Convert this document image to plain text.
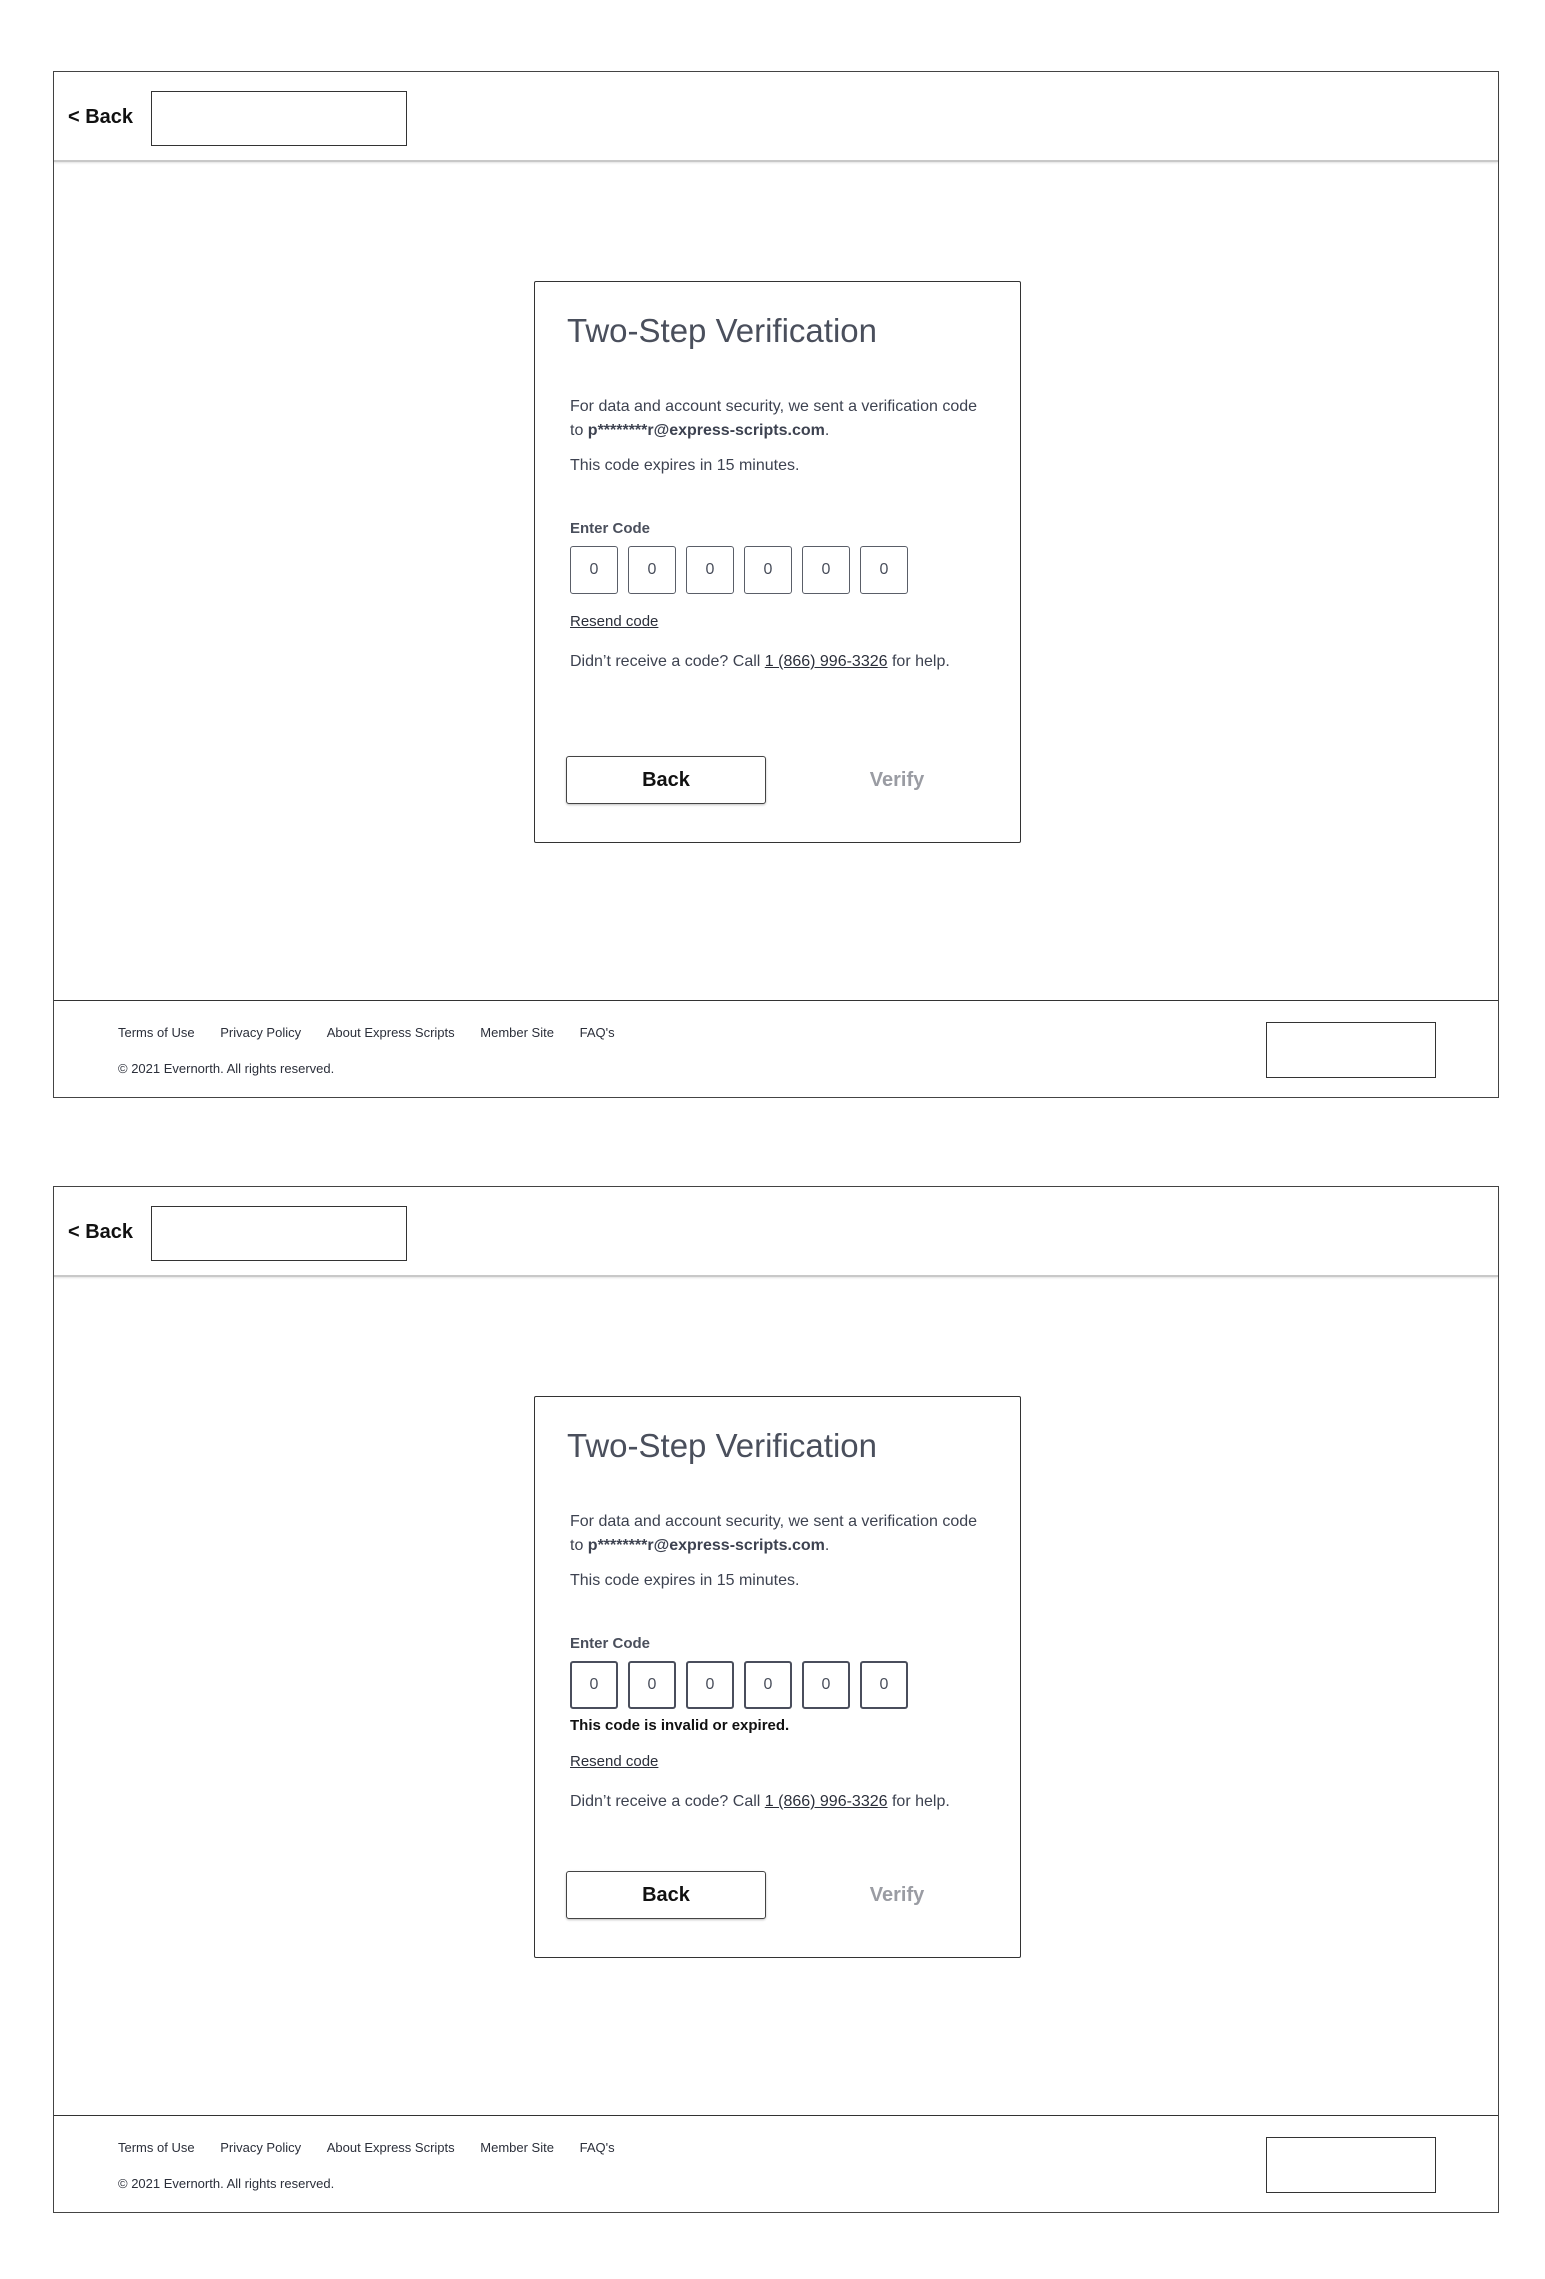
< Back
Two-Step Verification

For data and account security, we sent a verification code to p********r@express-scripts.com.

This code expires in 15 minutes.
Enter Code
0
0
0
0
0
0
Resend code
Didn’t receive a code? Call 1 (866) 996-3326 for help.
Back	Verify
Terms of Use Privacy Policy About Express Scripts Member Site FAQ's
© 2021 Evernorth. All rights reserved.
< Back
Two-Step Verification

For data and account security, we sent a verification code to p********r@express-scripts.com.

This code expires in 15 minutes.
Enter Code
0
0
0
0
0
0
This code is invalid or expired.
Resend code
Didn’t receive a code? Call 1 (866) 996-3326 for help.
Back	Verify
Terms of Use Privacy Policy About Express Scripts Member Site FAQ's
© 2021 Evernorth. All rights reserved.
